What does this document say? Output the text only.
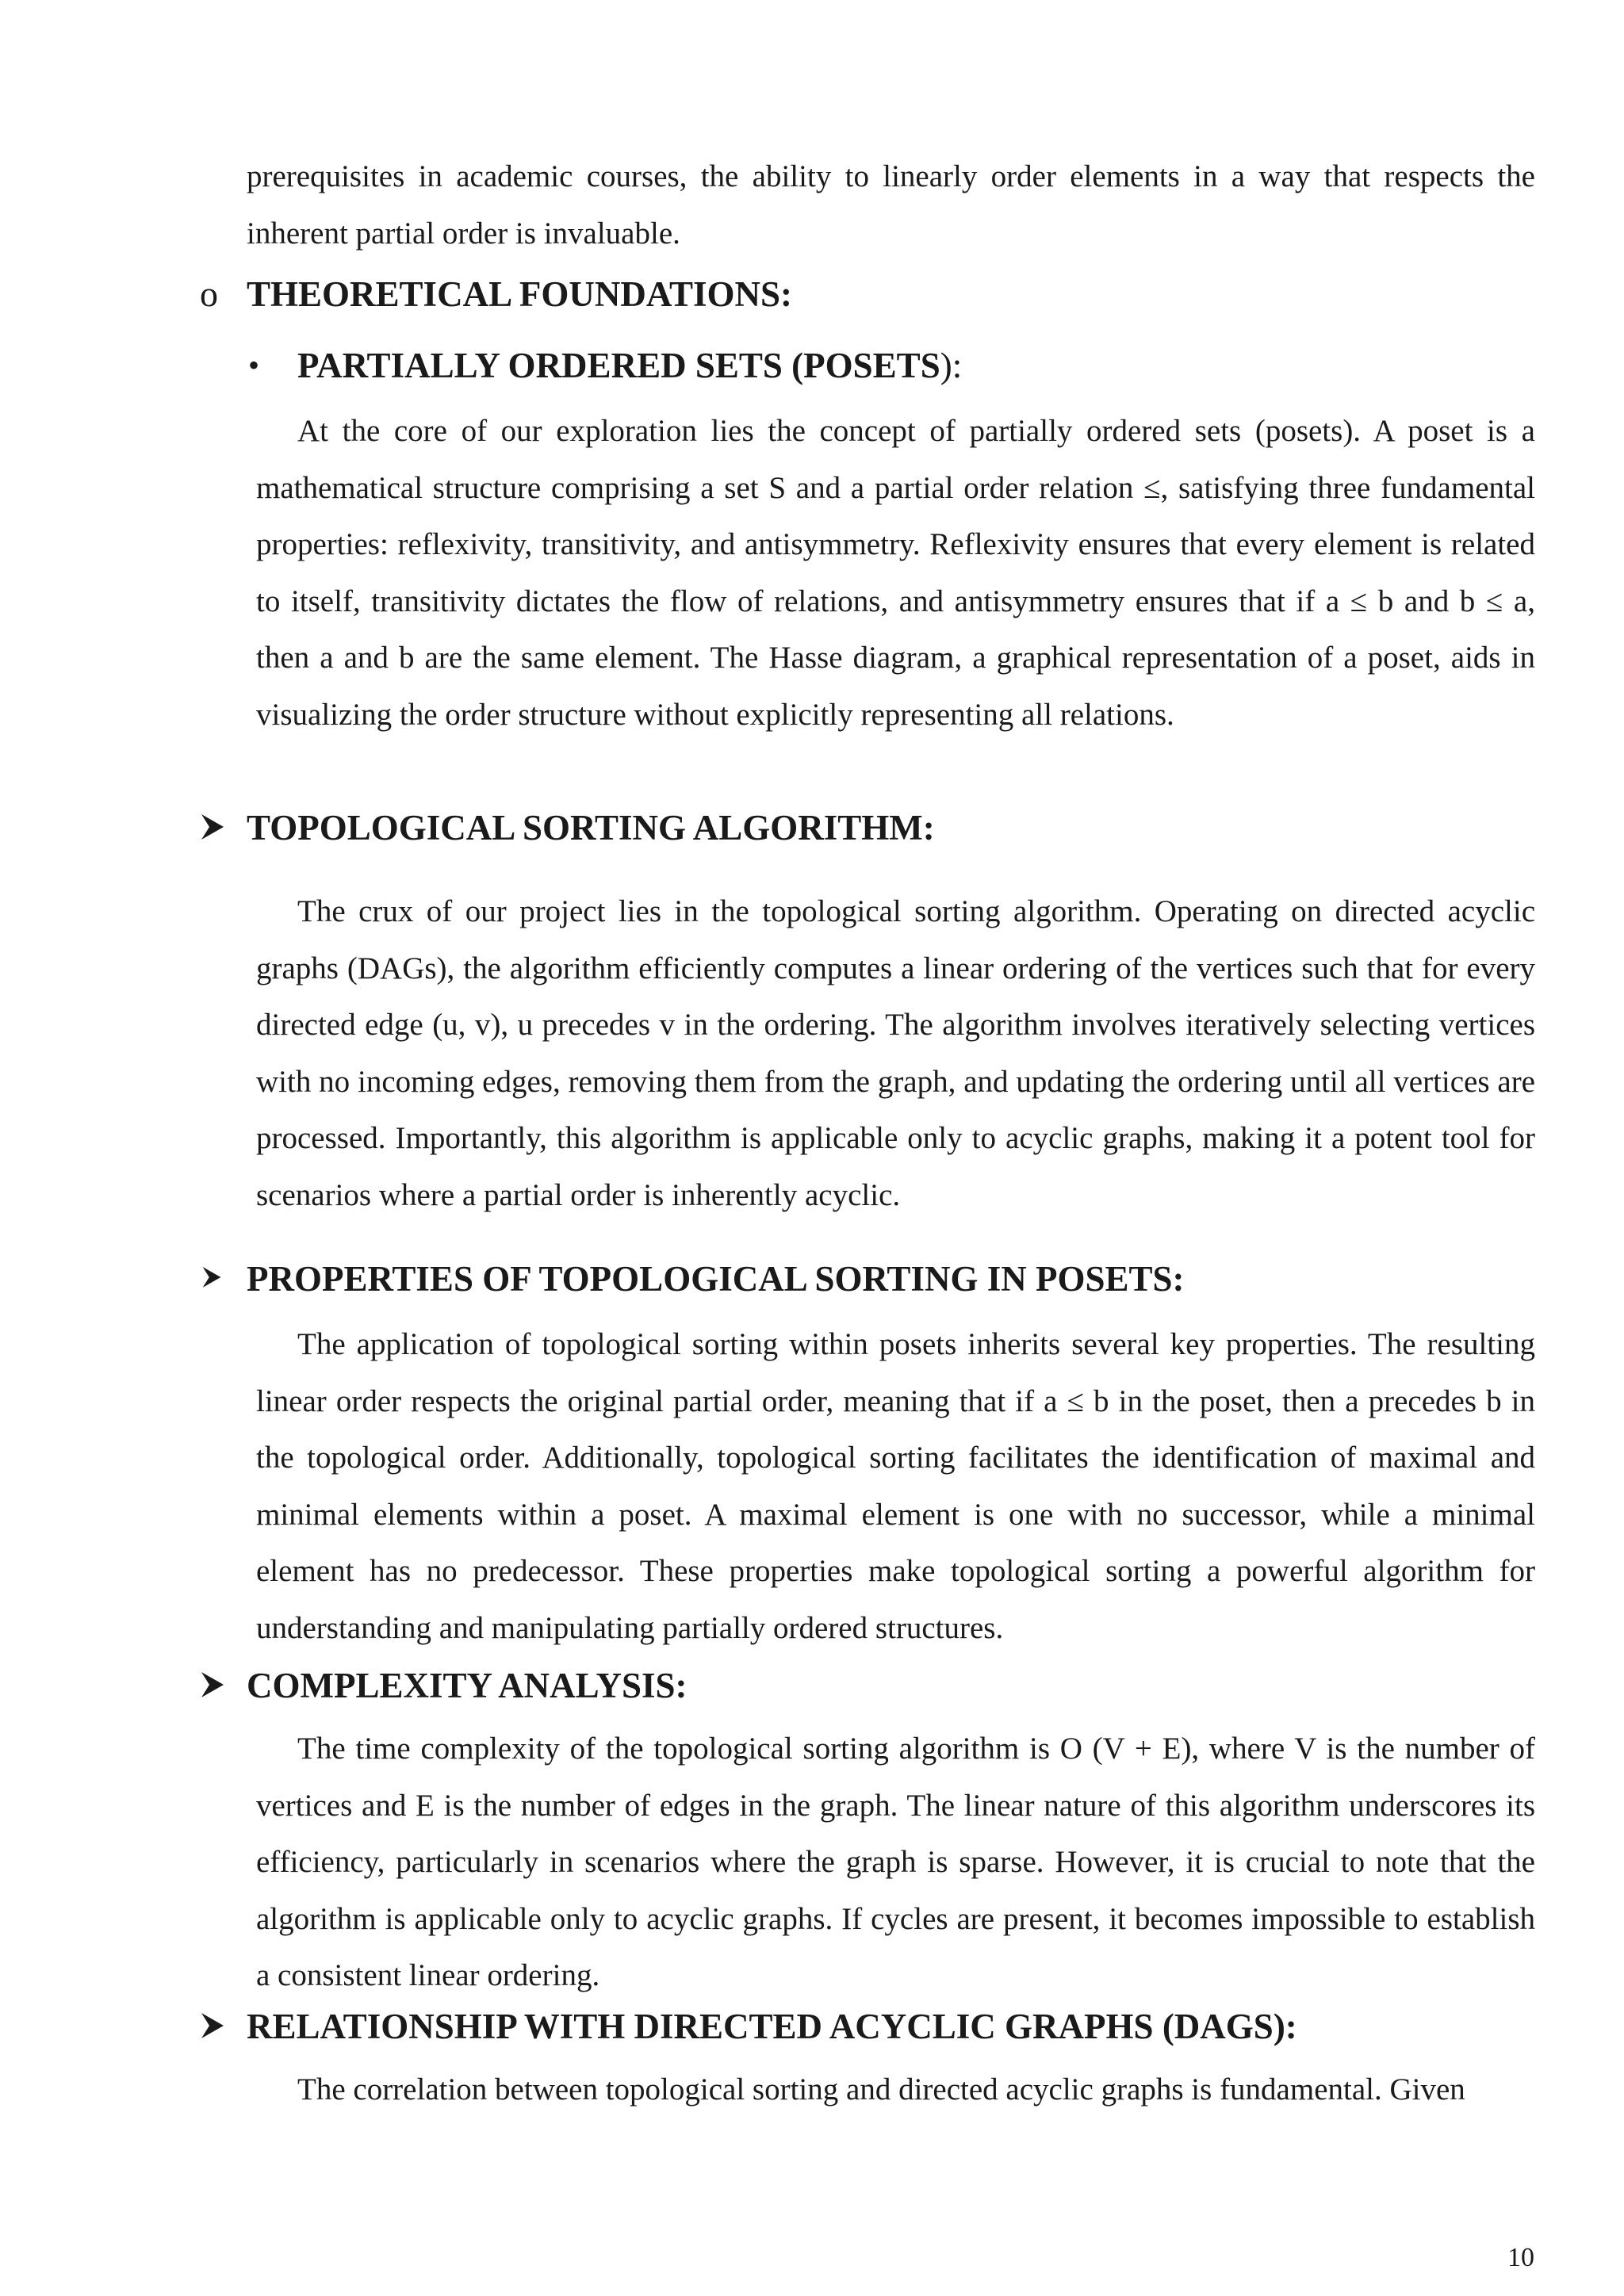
prerequisites in academic courses, the ability to linearly order elements in a way that respects the inherent partial order is invaluable.

o THEORETICAL FOUNDATIONS:
• PARTIALLY ORDERED SETS (POSETS):

At the core of our exploration lies the concept of partially ordered sets (posets). A poset is a mathematical structure comprising a set S and a partial order relation ≤, satisfying three fundamental properties: reflexivity, transitivity, and antisymmetry. Reflexivity ensures that every element is related to itself, transitivity dictates the flow of relations, and antisymmetry ensures that if a ≤ b and b ≤ a, then a and b are the same element. The Hasse diagram, a graphical representation of a poset, aids in visualizing the order structure without explicitly representing all relations.

TOPOLOGICAL SORTING ALGORITHM:

The crux of our project lies in the topological sorting algorithm. Operating on directed acyclic graphs (DAGs), the algorithm efficiently computes a linear ordering of the vertices such that for every directed edge (u, v), u precedes v in the ordering. The algorithm involves iteratively selecting vertices with no incoming edges, removing them from the graph, and updating the ordering until all vertices are processed. Importantly, this algorithm is applicable only to acyclic graphs, making it a potent tool for scenarios where a partial order is inherently acyclic.

PROPERTIES OF TOPOLOGICAL SORTING IN POSETS:

The application of topological sorting within posets inherits several key properties. The resulting linear order respects the original partial order, meaning that if a ≤ b in the poset, then a precedes b in the topological order. Additionally, topological sorting facilitates the identification of maximal and minimal elements within a poset. A maximal element is one with no successor, while a minimal element has no predecessor. These properties make topological sorting a powerful algorithm for understanding and manipulating partially ordered structures.

COMPLEXITY ANALYSIS:

The time complexity of the topological sorting algorithm is O (V + E), where V is the number of vertices and E is the number of edges in the graph. The linear nature of this algorithm underscores its efficiency, particularly in scenarios where the graph is sparse. However, it is crucial to note that the algorithm is applicable only to acyclic graphs. If cycles are present, it becomes impossible to establish a consistent linear ordering.

RELATIONSHIP WITH DIRECTED ACYCLIC GRAPHS (DAGS):

The correlation between topological sorting and directed acyclic graphs is fundamental. Given

10
